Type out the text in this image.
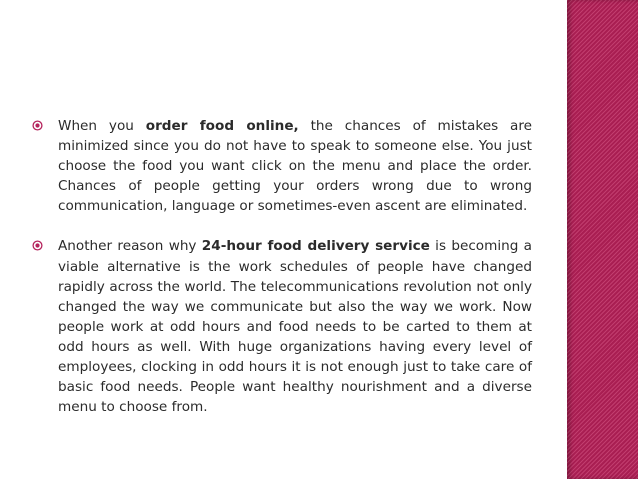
When you order food online, the chances of mistakes are minimized since you do not have to speak to someone else. You just choose the food you want click on the menu and place the order. Chances of people getting your orders wrong due to wrong communication, language or sometimes-even ascent are eliminated.

Another reason why 24-hour food delivery service is becoming a viable alternative is the work schedules of people have changed rapidly across the world. The telecommunications revolution not only changed the way we communicate but also the way we work. Now people work at odd hours and food needs to be carted to them at odd hours as well. With huge organizations having every level of employees, clocking in odd hours it is not enough just to take care of basic food needs. People want healthy nourishment and a diverse menu to choose from.
